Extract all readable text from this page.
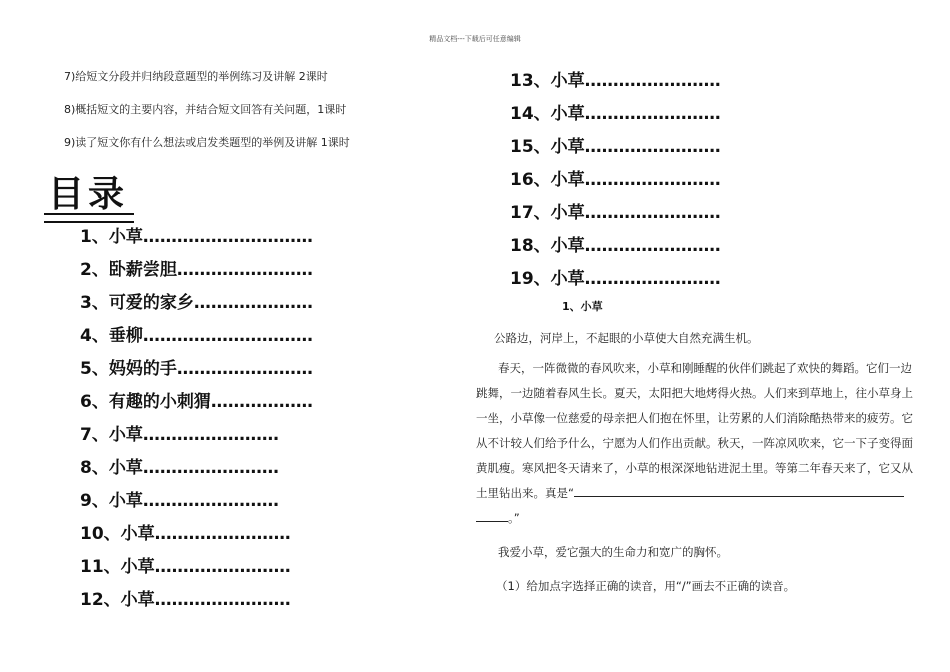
精品文档---下载后可任意编辑
7)给短文分段并归纳段意题型的举例练习及讲解 2课时
8)概括短文的主要内容，并结合短文回答有关问题，1课时
9)读了短文你有什么想法或启发类题型的举例及讲解 1课时
目录
1、小草…………………………
2、卧薪尝胆……………………
3、可爱的家乡…………………
4、垂柳…………………………
5、妈妈的手……………………
6、有趣的小刺猬………………
7、小草……………………
8、小草……………………
9、小草……………………
10、小草……………………
11、小草……………………
12、小草……………………
13、小草……………………
14、小草……………………
15、小草……………………
16、小草……………………
17、小草……………………
18、小草……………………
19、小草……………………
1、小草
公路边，河岸上，不起眼的小草使大自然充满生机。
春天，一阵微微的春风吹来，小草和刚睡醒的伙伴们跳起了欢快的舞蹈。它们一边
跳舞，一边随着春风生长。夏天，太阳把大地烤得火热。人们来到草地上，往小草身上
一坐，小草像一位慈爱的母亲把人们抱在怀里，让劳累的人们消除酷热带来的疲劳。它
从不计较人们给予什么，宁愿为人们作出贡献。秋天，一阵凉风吹来，它一下子变得面
黄肌瘦。寒风把冬天请来了，小草的根深深地钻进泥土里。等第二年春天来了，它又从
土里钻出来。真是“
。”
我爱小草，爱它强大的生命力和宽广的胸怀。
（1）给加点字选择正确的读音，用“/”画去不正确的读音。
